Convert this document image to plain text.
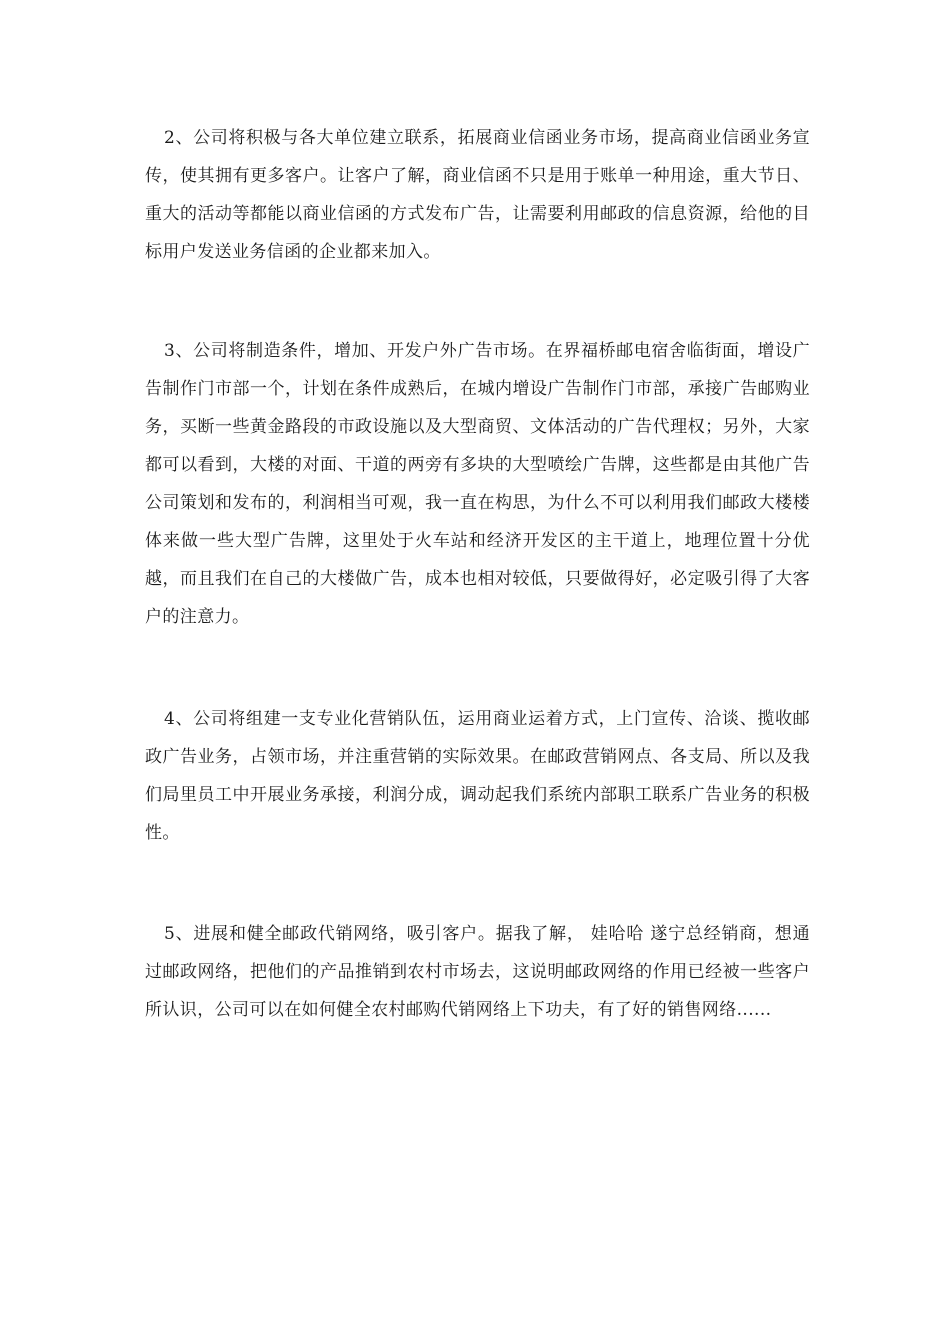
2、公司将积极与各大单位建立联系，拓展商业信函业务市场，提高商业信函业务宣传，使其拥有更多客户。让客户了解，商业信函不只是用于账单一种用途，重大节日、重大的活动等都能以商业信函的方式发布广告，让需要利用邮政的信息资源，给他的目标用户发送业务信函的企业都来加入。

3、公司将制造条件，增加、开发户外广告市场。在界福桥邮电宿舍临街面，增设广告制作门市部一个，计划在条件成熟后，在城内增设广告制作门市部，承接广告邮购业务，买断一些黄金路段的市政设施以及大型商贸、文体活动的广告代理权；另外，大家都可以看到，大楼的对面、干道的两旁有多块的大型喷绘广告牌，这些都是由其他广告公司策划和发布的，利润相当可观，我一直在构思，为什么不可以利用我们邮政大楼楼体来做一些大型广告牌，这里处于火车站和经济开发区的主干道上，地理位置十分优越，而且我们在自己的大楼做广告，成本也相对较低，只要做得好，必定吸引得了大客户的注意力。

4、公司将组建一支专业化营销队伍，运用商业运着方式，上门宣传、洽谈、揽收邮政广告业务，占领市场，并注重营销的实际效果。在邮政营销网点、各支局、所以及我们局里员工中开展业务承接，利润分成，调动起我们系统内部职工联系广告业务的积极性。

5、进展和健全邮政代销网络，吸引客户。据我了解， 娃哈哈 遂宁总经销商，想通过邮政网络，把他们的产品推销到农村市场去，这说明邮政网络的作用已经被一些客户所认识，公司可以在如何健全农村邮购代销网络上下功夫，有了好的销售网络......
